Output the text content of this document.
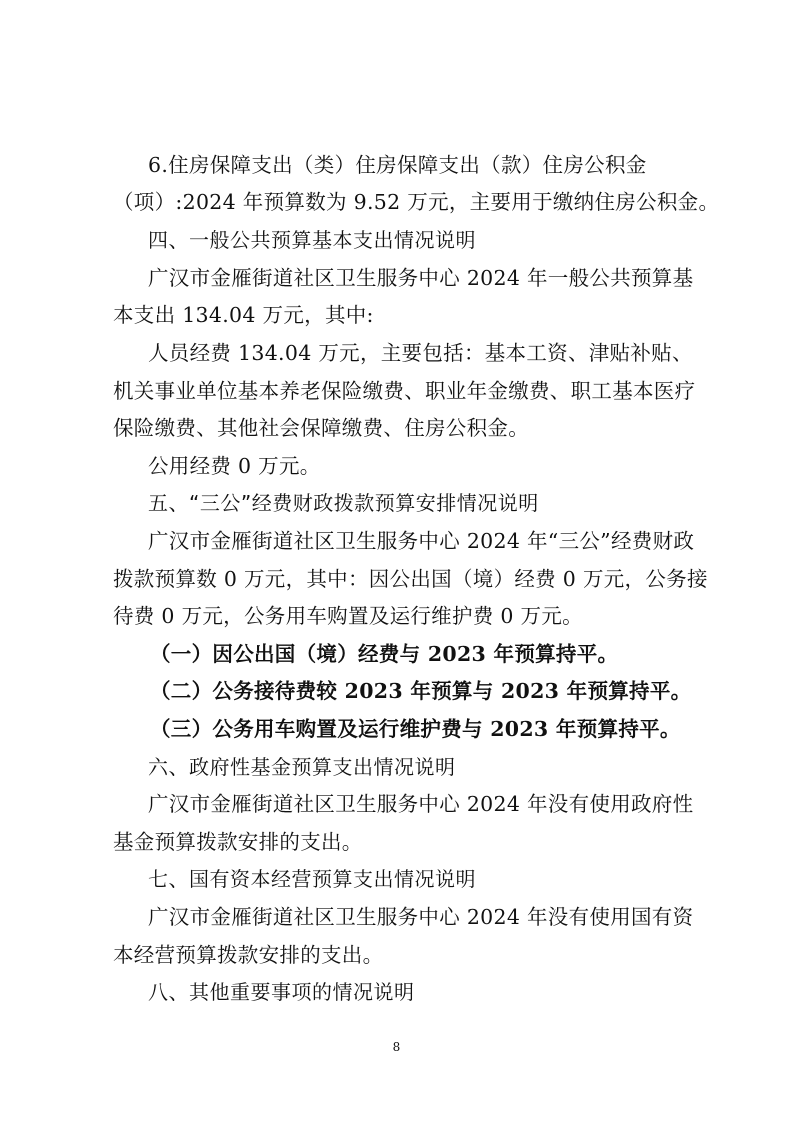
6.住房保障支出（类）住房保障支出（款）住房公积金
（项）:2024 年预算数为 9.52 万元，主要用于缴纳住房公积金。
四、一般公共预算基本支出情况说明
广汉市金雁街道社区卫生服务中心 2024 年一般公共预算基
本支出 134.04 万元，其中:
人员经费 134.04 万元，主要包括：基本工资、津贴补贴、
机关事业单位基本养老保险缴费、职业年金缴费、职工基本医疗
保险缴费、其他社会保障缴费、住房公积金。
公用经费 0 万元。
五、“三公”经费财政拨款预算安排情况说明
广汉市金雁街道社区卫生服务中心 2024 年“三公”经费财政
拨款预算数 0 万元，其中：因公出国（境）经费 0 万元，公务接
待费 0 万元，公务用车购置及运行维护费 0 万元。
（一）因公出国（境）经费与 2023 年预算持平。
（二）公务接待费较 2023 年预算与 2023 年预算持平。
（三）公务用车购置及运行维护费与 2023 年预算持平。
六、政府性基金预算支出情况说明
广汉市金雁街道社区卫生服务中心 2024 年没有使用政府性
基金预算拨款安排的支出。
七、国有资本经营预算支出情况说明
广汉市金雁街道社区卫生服务中心 2024 年没有使用国有资
本经营预算拨款安排的支出。
八、其他重要事项的情况说明
8
